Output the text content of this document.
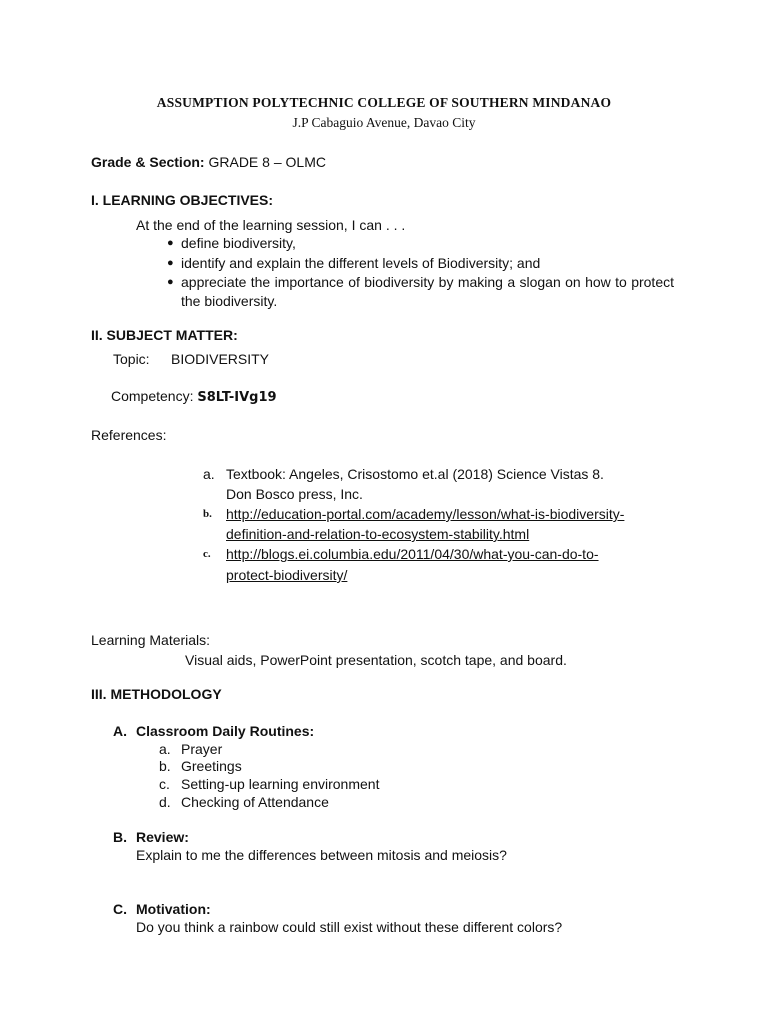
ASSUMPTION POLYTECHNIC COLLEGE OF SOUTHERN MINDANAO
J.P Cabaguio Avenue, Davao City
Grade & Section: GRADE 8 – OLMC
I. LEARNING OBJECTIVES:
At the end of the learning session, I can . . .
● define biodiversity,
● identify and explain the different levels of Biodiversity; and
● appreciate the importance of biodiversity by making a slogan on how to protect the biodiversity.
II. SUBJECT MATTER:
Topic: BIODIVERSITY
Competency: S8LT-IVg19
References:
a. Textbook: Angeles, Crisostomo et.al (2018) Science Vistas 8.
Don Bosco press, Inc.
b. http://education-portal.com/academy/lesson/what-is-biodiversity-
definition-and-relation-to-ecosystem-stability.html
c. http://blogs.ei.columbia.edu/2011/04/30/what-you-can-do-to-
protect-biodiversity/
Learning Materials:
Visual aids, PowerPoint presentation, scotch tape, and board.
III. METHODOLOGY
A. Classroom Daily Routines:
a. Prayer
b. Greetings
c. Setting-up learning environment
d. Checking of Attendance
B. Review:
Explain to me the differences between mitosis and meiosis?
C. Motivation:
Do you think a rainbow could still exist without these different colors?
